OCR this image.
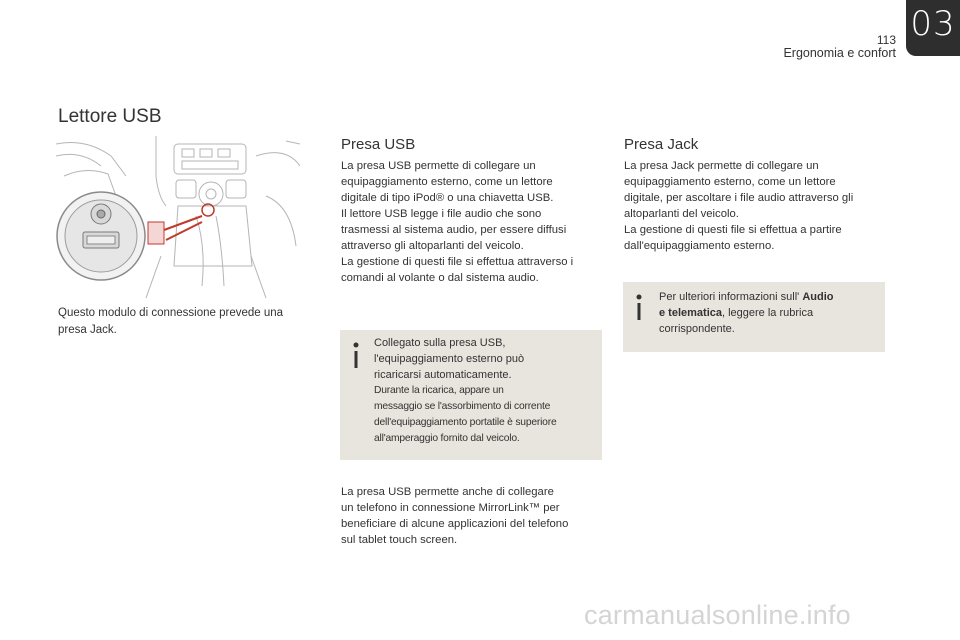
113
Ergonomia e confort
03
Lettore USB
Questo modulo di connessione prevede una
presa Jack.
Presa USB
La presa USB permette di collegare un
equipaggiamento esterno, come un lettore
digitale di tipo iPod® o una chiavetta USB.
Il lettore USB legge i file audio che sono
trasmessi al sistema audio, per essere diffusi
attraverso gli altoparlanti del veicolo.
La gestione di questi file si effettua attraverso i
comandi al volante o dal sistema audio.
Collegato sulla presa USB,
l'equipaggiamento esterno può
ricaricarsi automaticamente.
Durante la ricarica, appare un
messaggio se l'assorbimento di corrente
dell'equipaggiamento portatile è superiore
all'amperaggio fornito dal veicolo.
La presa USB permette anche di collegare
un telefono in connessione MirrorLink™ per
beneficiare di alcune applicazioni del telefono
sul tablet touch screen.
Presa Jack
La presa Jack permette di collegare un
equipaggiamento esterno, come un lettore
digitale, per ascoltare i file audio attraverso gli
altoparlanti del veicolo.
La gestione di questi file si effettua a partire
dall'equipaggiamento esterno.
Per ulteriori informazioni sull' Audio
e telematica, leggere la rubrica
corrispondente.
carmanualsonline.info
